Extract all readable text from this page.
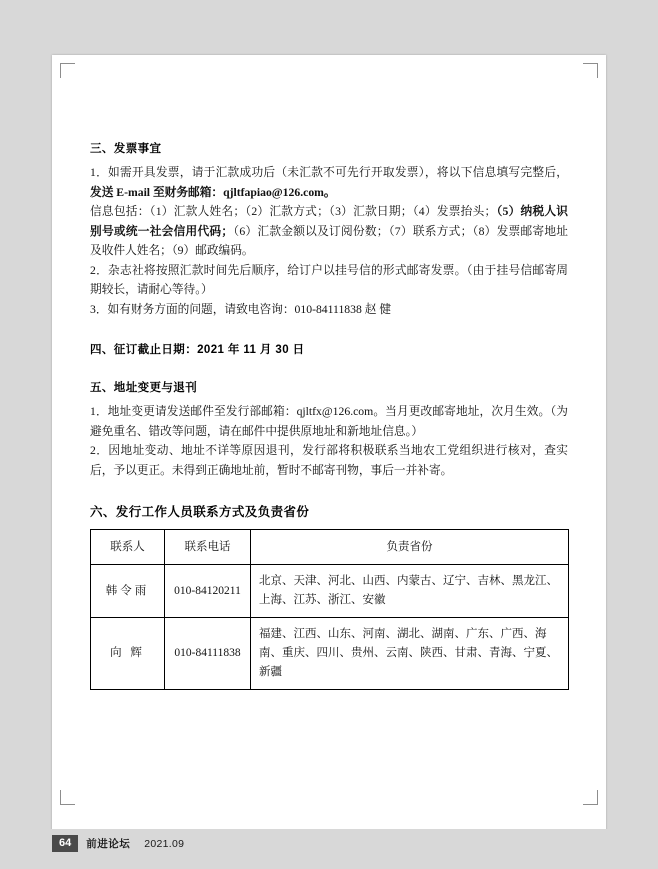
三、发票事宜

1．如需开具发票，请于汇款成功后（未汇款不可先行开取发票），将以下信息填写完整后，发送 E-mail 至财务邮箱：qjltfapiao@126.com。

信息包括：（1）汇款人姓名；（2）汇款方式；（3）汇款日期；（4）发票抬头；（5）纳税人识别号或统一社会信用代码；（6）汇款金额以及订阅份数；（7）联系方式；（8）发票邮寄地址及收件人姓名；（9）邮政编码。

2．杂志社将按照汇款时间先后顺序，给订户以挂号信的形式邮寄发票。（由于挂号信邮寄周期较长，请耐心等待。）

3．如有财务方面的问题，请致电咨询：010-84111838 赵 健

四、征订截止日期：2021 年 11 月 30 日
五、地址变更与退刊

1．地址变更请发送邮件至发行部邮箱：qjltfx@126.com。当月更改邮寄地址，次月生效。（为避免重名、错改等问题，请在邮件中提供原地址和新地址信息。）

2．因地址变动、地址不详等原因退刊，发行部将积极联系当地农工党组织进行核对，查实后，予以更正。未得到正确地址前，暂时不邮寄刊物，事后一并补寄。

六、发行工作人员联系方式及负责省份
联系人	联系电话	负责省份
韩令雨	010-84120211	北京、天津、河北、山西、内蒙古、辽宁、吉林、黑龙江、上海、江苏、浙江、安徽
向 辉	010-84111838	福建、江西、山东、河南、湖北、湖南、广东、广西、海南、重庆、四川、贵州、云南、陕西、甘肃、青海、宁夏、新疆
64	前进论坛 2021.09
